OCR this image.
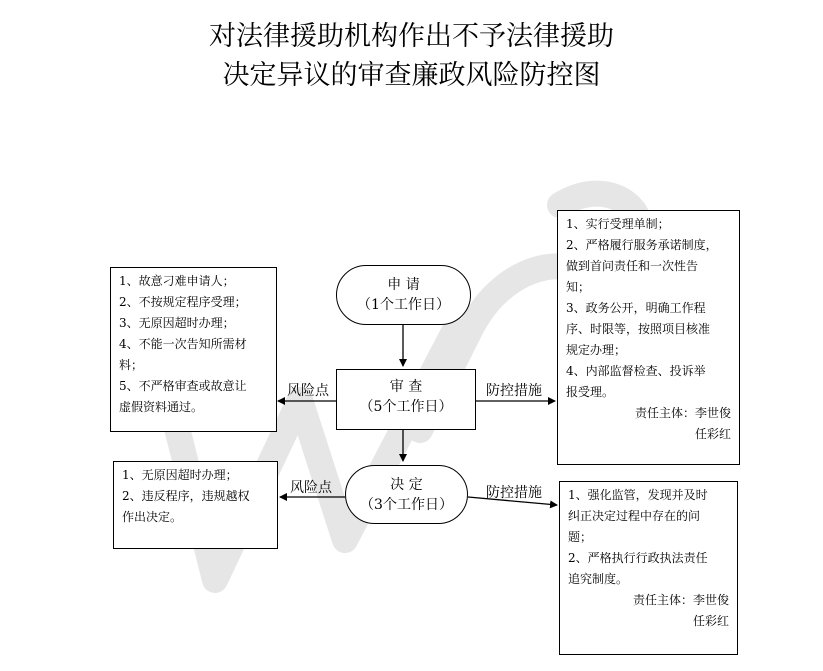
对法律援助机构作出不予法律援助
决定异议的审查廉政风险防控图
申 请
（1个工作日）
审 查
（5个工作日）
决 定
（3个工作日）
风险点	防控措施
风险点	防控措施
1、故意刁难申请人；
2、不按规定程序受理；
3、无原因超时办理；
4、不能一次告知所需材
料；
5、不严格审查或故意让
虚假资料通过。
1、实行受理单制；
2、严格履行服务承诺制度，
做到首问责任和一次性告
知；
3、政务公开，明确工作程
序、时限等，按照项目核准
规定办理；
4、内部监督检查、投诉举
报受理。
责任主体：李世俊
任彩红
1、无原因超时办理；
2、违反程序，违规越权
作出决定。
1、强化监管，发现并及时
纠正决定过程中存在的问
题；
2、严格执行行政执法责任
追究制度。
责任主体：李世俊
任彩红
